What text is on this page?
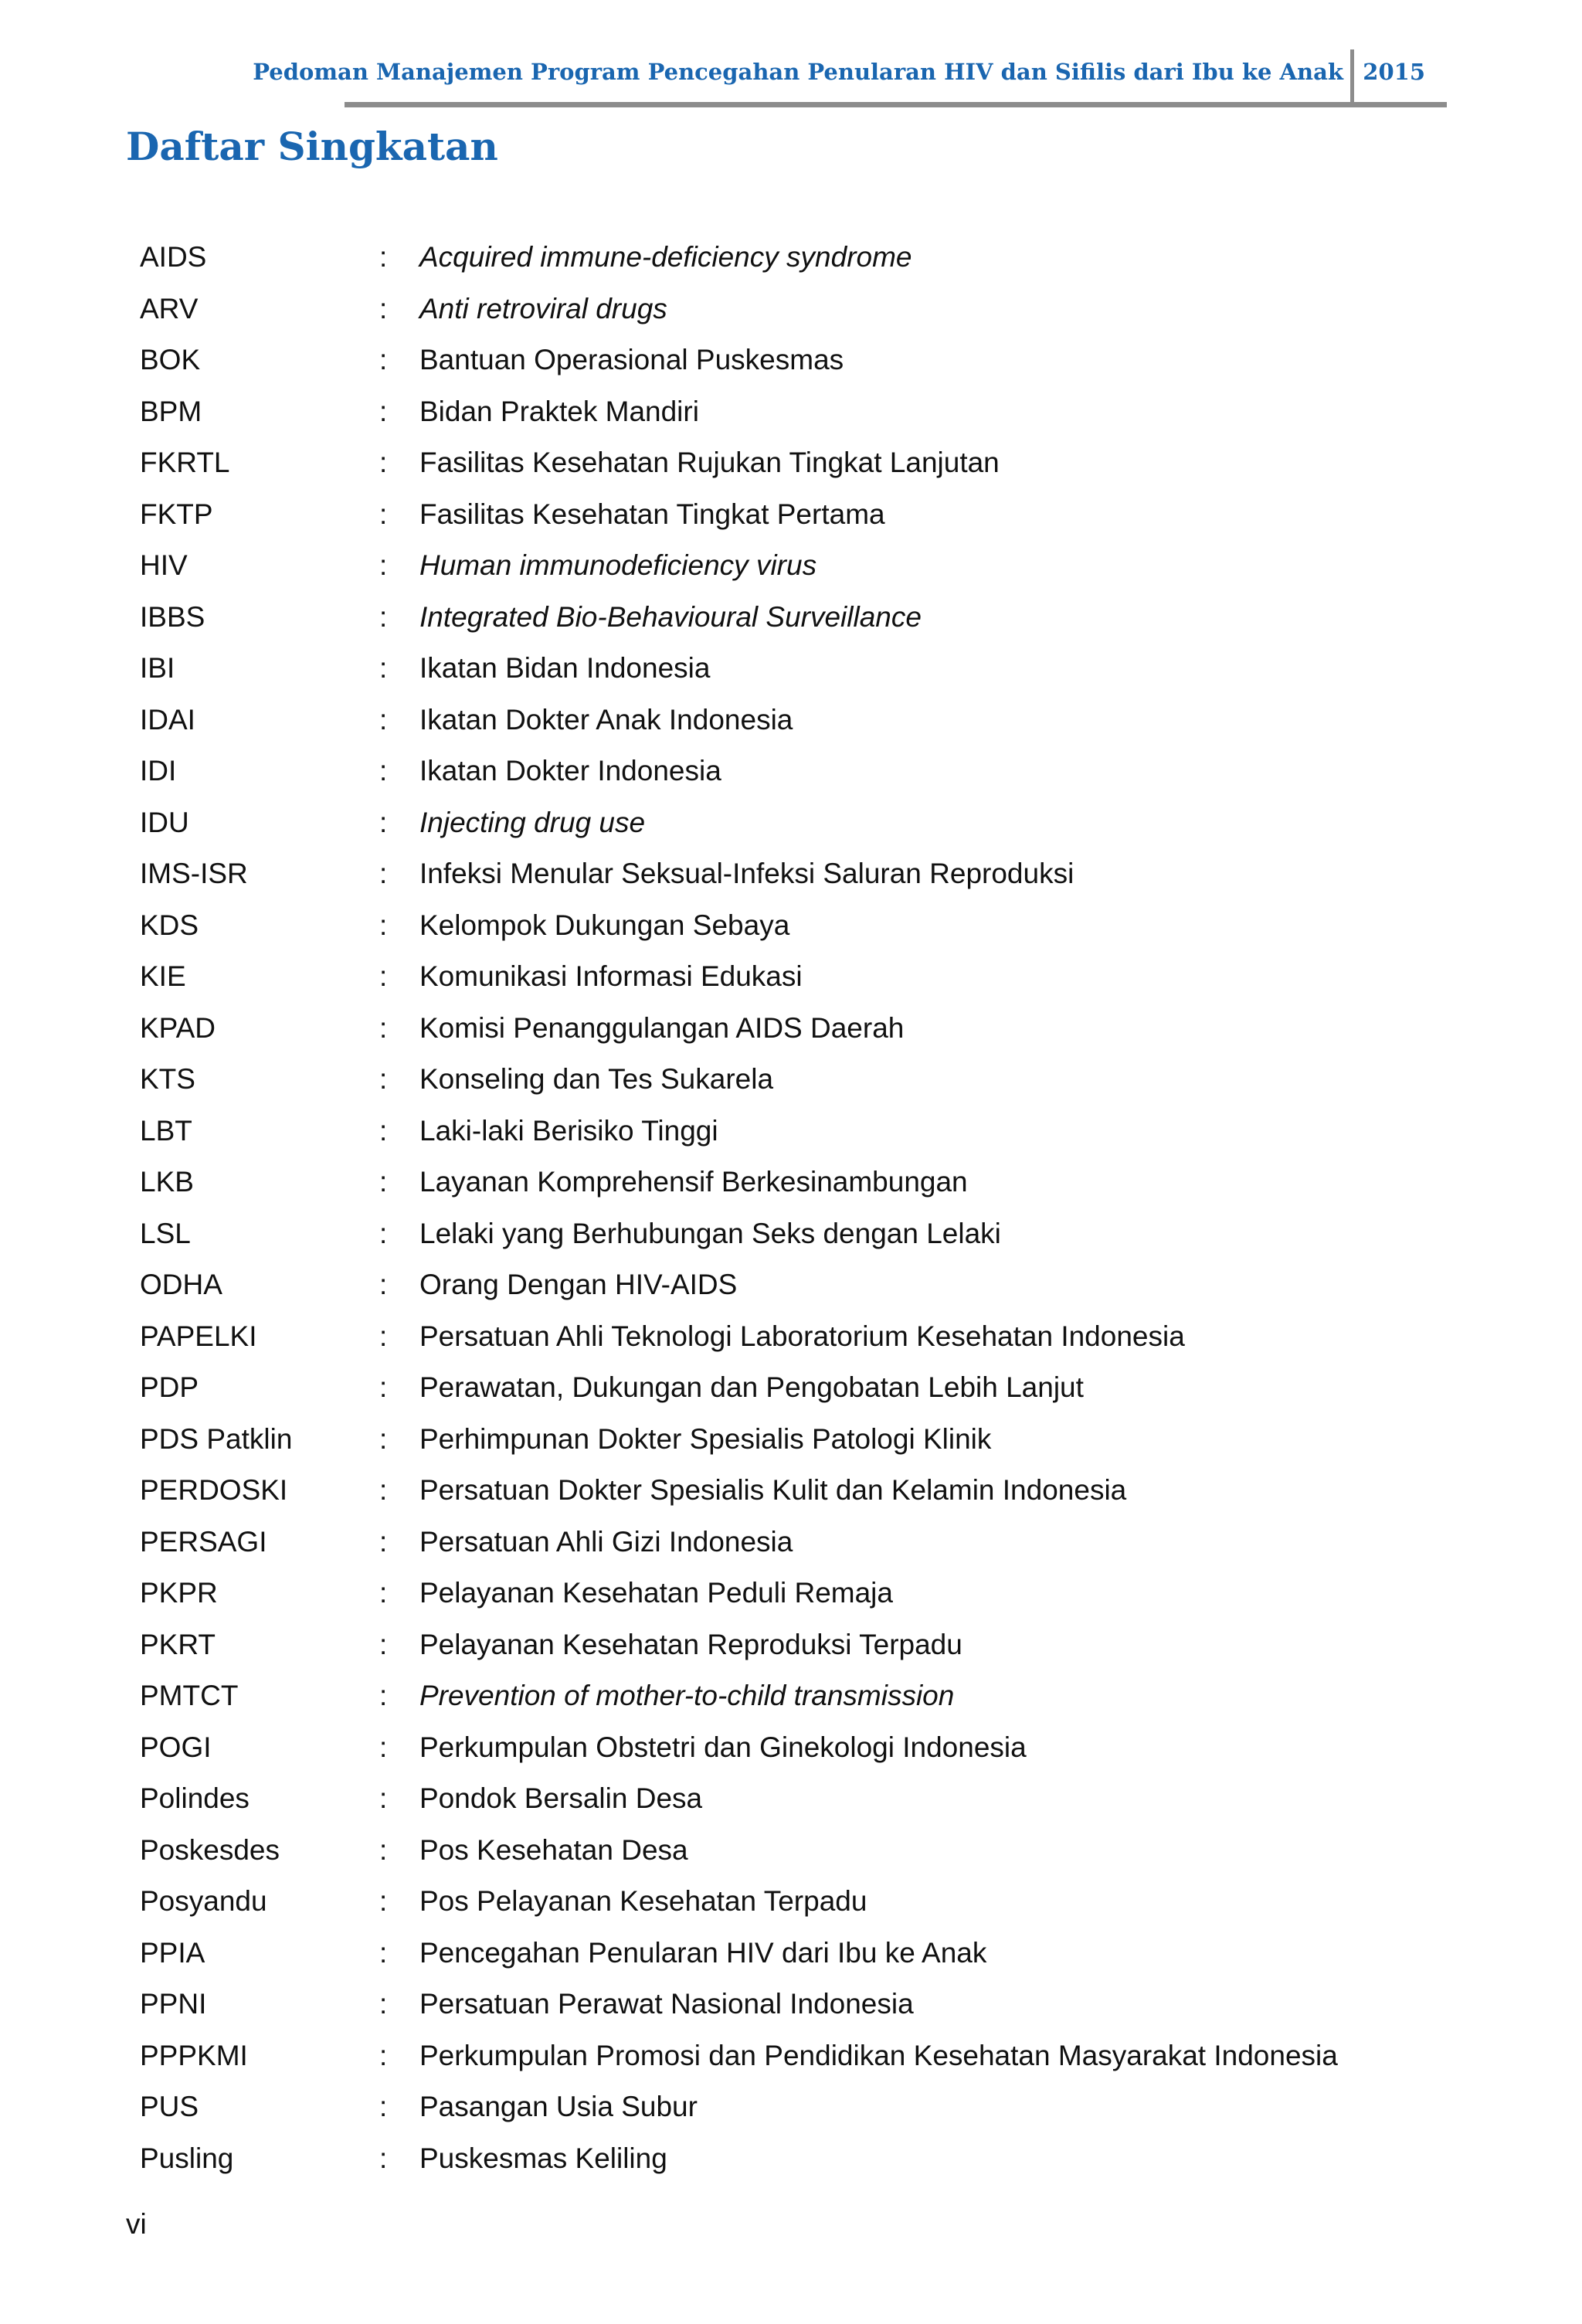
Pedoman Manajemen Program Pencegahan Penularan HIV dan Sifilis dari Ibu ke Anak 2015
Daftar Singkatan
AIDS	:	Acquired immune-deficiency syndrome
ARV	:	Anti retroviral drugs
BOK	:	Bantuan Operasional Puskesmas
BPM	:	Bidan Praktek Mandiri
FKRTL	:	Fasilitas Kesehatan Rujukan Tingkat Lanjutan
FKTP	:	Fasilitas Kesehatan Tingkat Pertama
HIV	:	Human immunodeficiency virus
IBBS	:	Integrated Bio-Behavioural Surveillance
IBI	:	Ikatan Bidan Indonesia
IDAI	:	Ikatan Dokter Anak Indonesia
IDI	:	Ikatan Dokter Indonesia
IDU	:	Injecting drug use
IMS-ISR	:	Infeksi Menular Seksual-Infeksi Saluran Reproduksi
KDS	:	Kelompok Dukungan Sebaya
KIE	:	Komunikasi Informasi Edukasi
KPAD	:	Komisi Penanggulangan AIDS Daerah
KTS	:	Konseling dan Tes Sukarela
LBT	:	Laki-laki Berisiko Tinggi
LKB	:	Layanan Komprehensif Berkesinambungan
LSL	:	Lelaki yang Berhubungan Seks dengan Lelaki
ODHA	:	Orang Dengan HIV-AIDS
PAPELKI	:	Persatuan Ahli Teknologi Laboratorium Kesehatan Indonesia
PDP	:	Perawatan, Dukungan dan Pengobatan Lebih Lanjut
PDS Patklin	:	Perhimpunan Dokter Spesialis Patologi Klinik
PERDOSKI	:	Persatuan Dokter Spesialis Kulit dan Kelamin Indonesia
PERSAGI	:	Persatuan Ahli Gizi Indonesia
PKPR	:	Pelayanan Kesehatan Peduli Remaja
PKRT	:	Pelayanan Kesehatan Reproduksi Terpadu
PMTCT	:	Prevention of mother-to-child transmission
POGI	:	Perkumpulan Obstetri dan Ginekologi Indonesia
Polindes	:	Pondok Bersalin Desa
Poskesdes	:	Pos Kesehatan Desa
Posyandu	:	Pos Pelayanan Kesehatan Terpadu
PPIA	:	Pencegahan Penularan HIV dari Ibu ke Anak
PPNI	:	Persatuan Perawat Nasional Indonesia
PPPKMI	:	Perkumpulan Promosi dan Pendidikan Kesehatan Masyarakat Indonesia
PUS	:	Pasangan Usia Subur
Pusling	:	Puskesmas Keliling
vi
